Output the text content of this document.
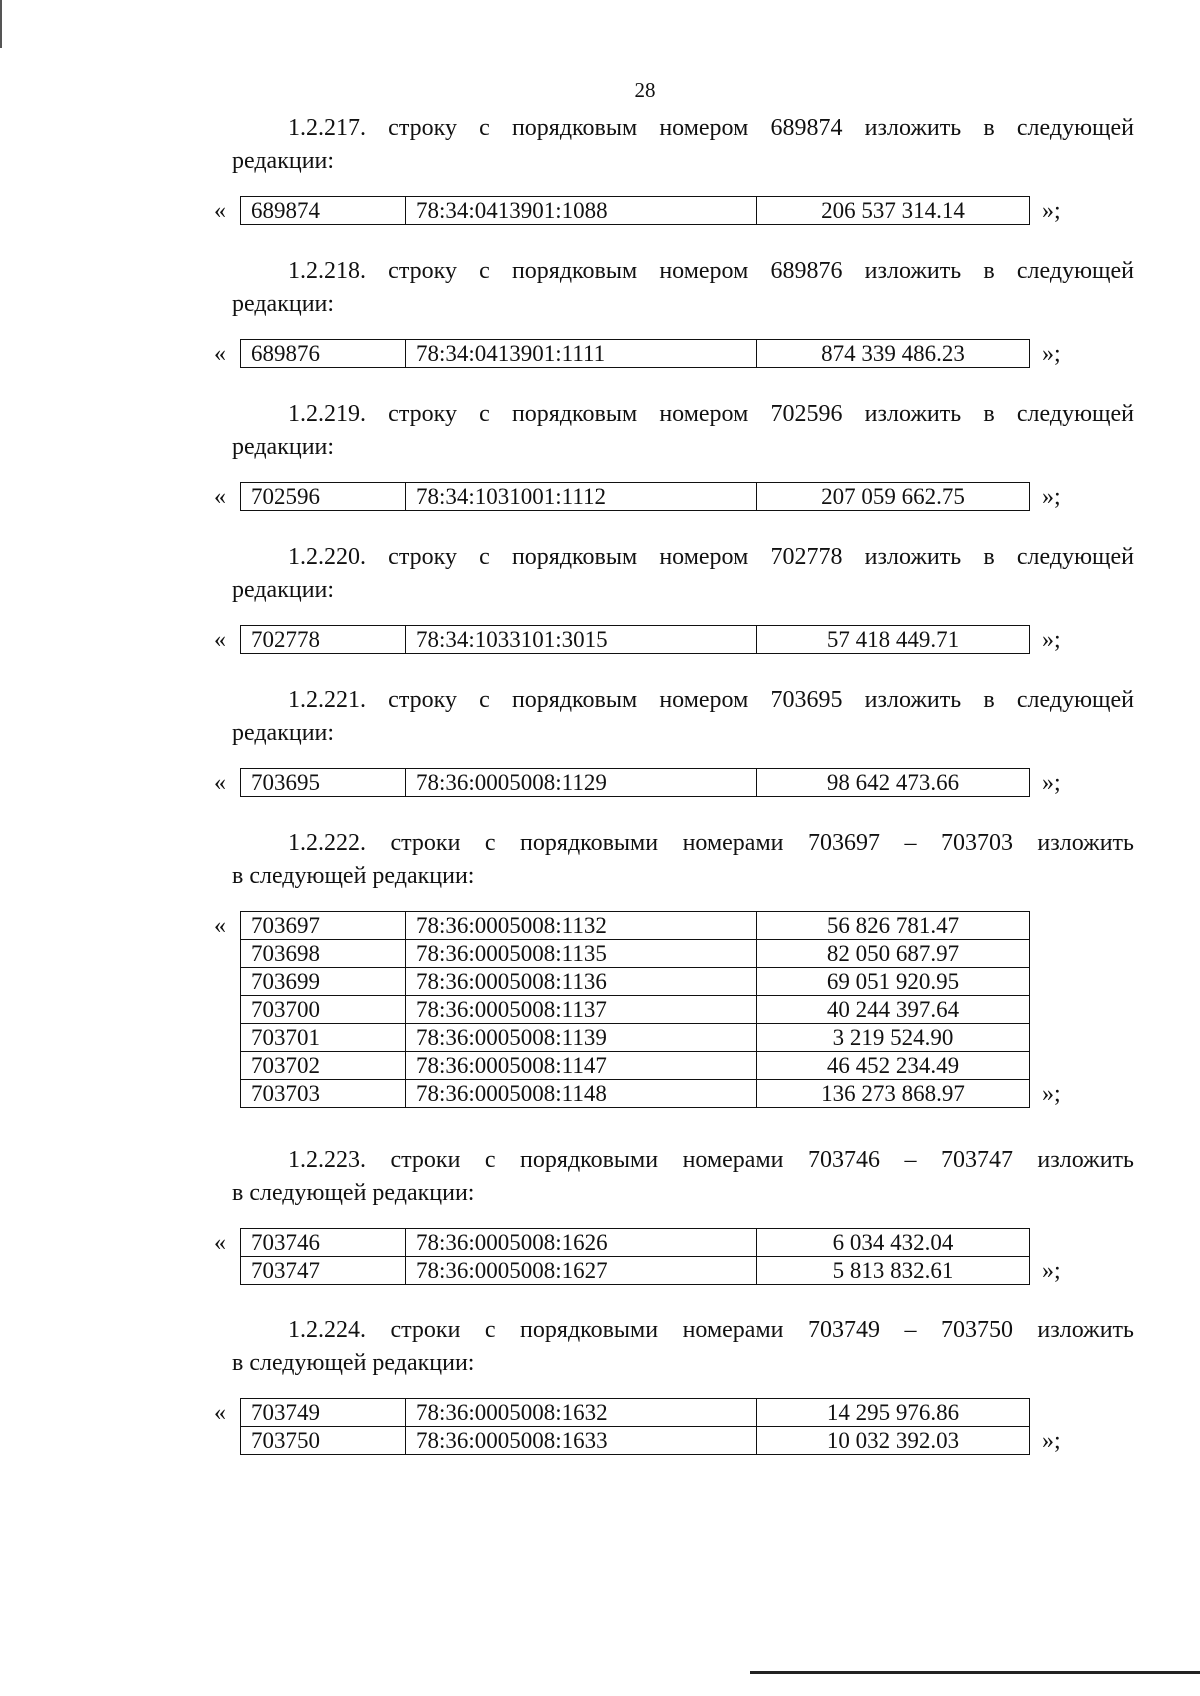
28

1.2.217. строку с порядковым номером 689874 изложить в следующей

редакции:

« 689874	78:34:0413901:1088	206 537 314.14	»;

1.2.218. строку с порядковым номером 689876 изложить в следующей

редакции:

« 689876	78:34:0413901:1111	874 339 486.23	»;

1.2.219. строку с порядковым номером 702596 изложить в следующей

редакции:

« 702596	78:34:1031001:1112	207 059 662.75	»;

1.2.220. строку с порядковым номером 702778 изложить в следующей

редакции:

« 702778	78:34:1033101:3015	57 418 449.71	»;

1.2.221. строку с порядковым номером 703695 изложить в следующей

редакции:

« 703695	78:36:0005008:1129	98 642 473.66	»;

1.2.222. строки с порядковыми номерами 703697 – 703703 изложить

в следующей редакции:

« 703697	78:36:0005008:1132	56 826 781.47
703698	78:36:0005008:1135	82 050 687.97
703699	78:36:0005008:1136	69 051 920.95
703700	78:36:0005008:1137	40 244 397.64
703701	78:36:0005008:1139	3 219 524.90
703702	78:36:0005008:1147	46 452 234.49
703703	78:36:0005008:1148	136 273 868.97	»;

1.2.223. строки с порядковыми номерами 703746 – 703747 изложить

в следующей редакции:

« 703746	78:36:0005008:1626	6 034 432.04
703747	78:36:0005008:1627	5 813 832.61	»;

1.2.224. строки с порядковыми номерами 703749 – 703750 изложить

в следующей редакции:

« 703749	78:36:0005008:1632	14 295 976.86
703750	78:36:0005008:1633	10 032 392.03	»;
